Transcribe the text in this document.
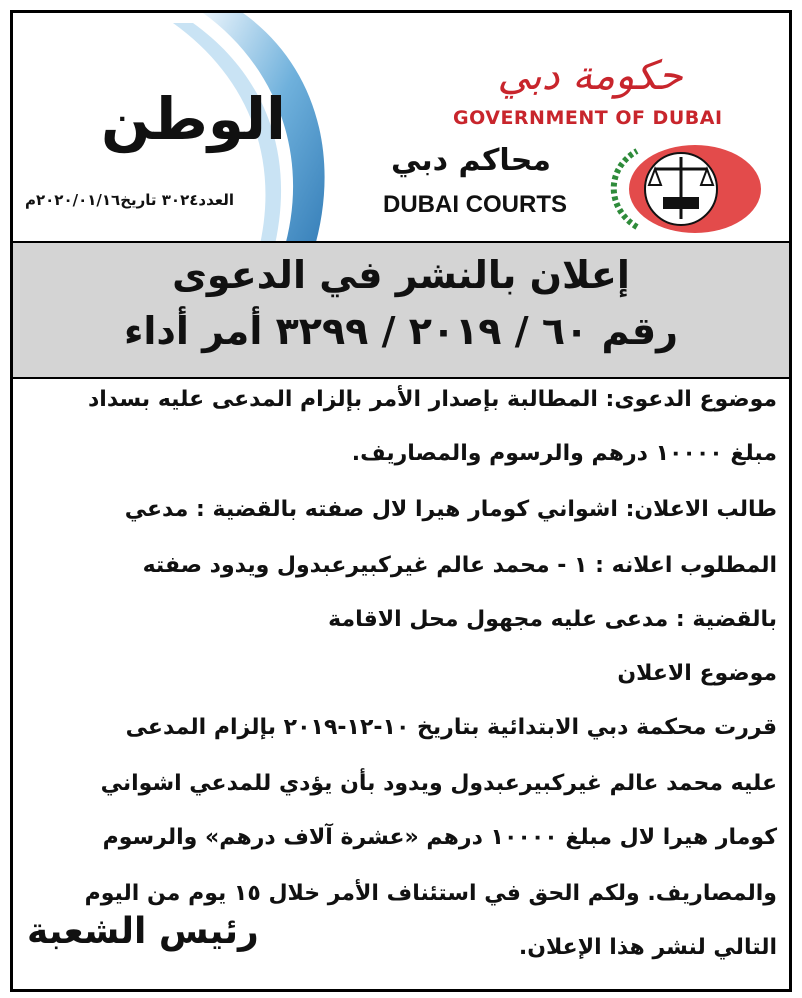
الوطن
العدد٣٠٢٤ تاريخ٢٠٢٠/٠١/١٦م
حكومة دبي
GOVERNMENT OF DUBAI
محاكم دبي
DUBAI COURTS
إعلان بالنشر في الدعوى
رقم ٦٠ / ٢٠١٩ / ٣٢٩٩ أمر أداء
موضوع الدعوى: المطالبة بإصدار الأمر بإلزام المدعى عليه بسداد
مبلغ ١٠٠٠٠ درهم والرسوم والمصاريف.
طالب الاعلان: اشواني كومار هيرا لال صفته بالقضية : مدعي
المطلوب اعلانه : ١ - محمد عالم غيركبيرعبدول ويدود صفته
بالقضية : مدعى عليه مجهول محل الاقامة
موضوع الاعلان
قررت محكمة دبي الابتدائية بتاريخ ١٠-١٢-٢٠١٩ بإلزام المدعى
عليه محمد عالم غيركبيرعبدول ويدود بأن يؤدي للمدعي اشواني
كومار هيرا لال مبلغ ١٠٠٠٠ درهم «عشرة آلاف درهم» والرسوم
والمصاريف. ولكم الحق في استئناف الأمر خلال ١٥ يوم من اليوم
التالي لنشر هذا الإعلان.
رئيس الشعبة
